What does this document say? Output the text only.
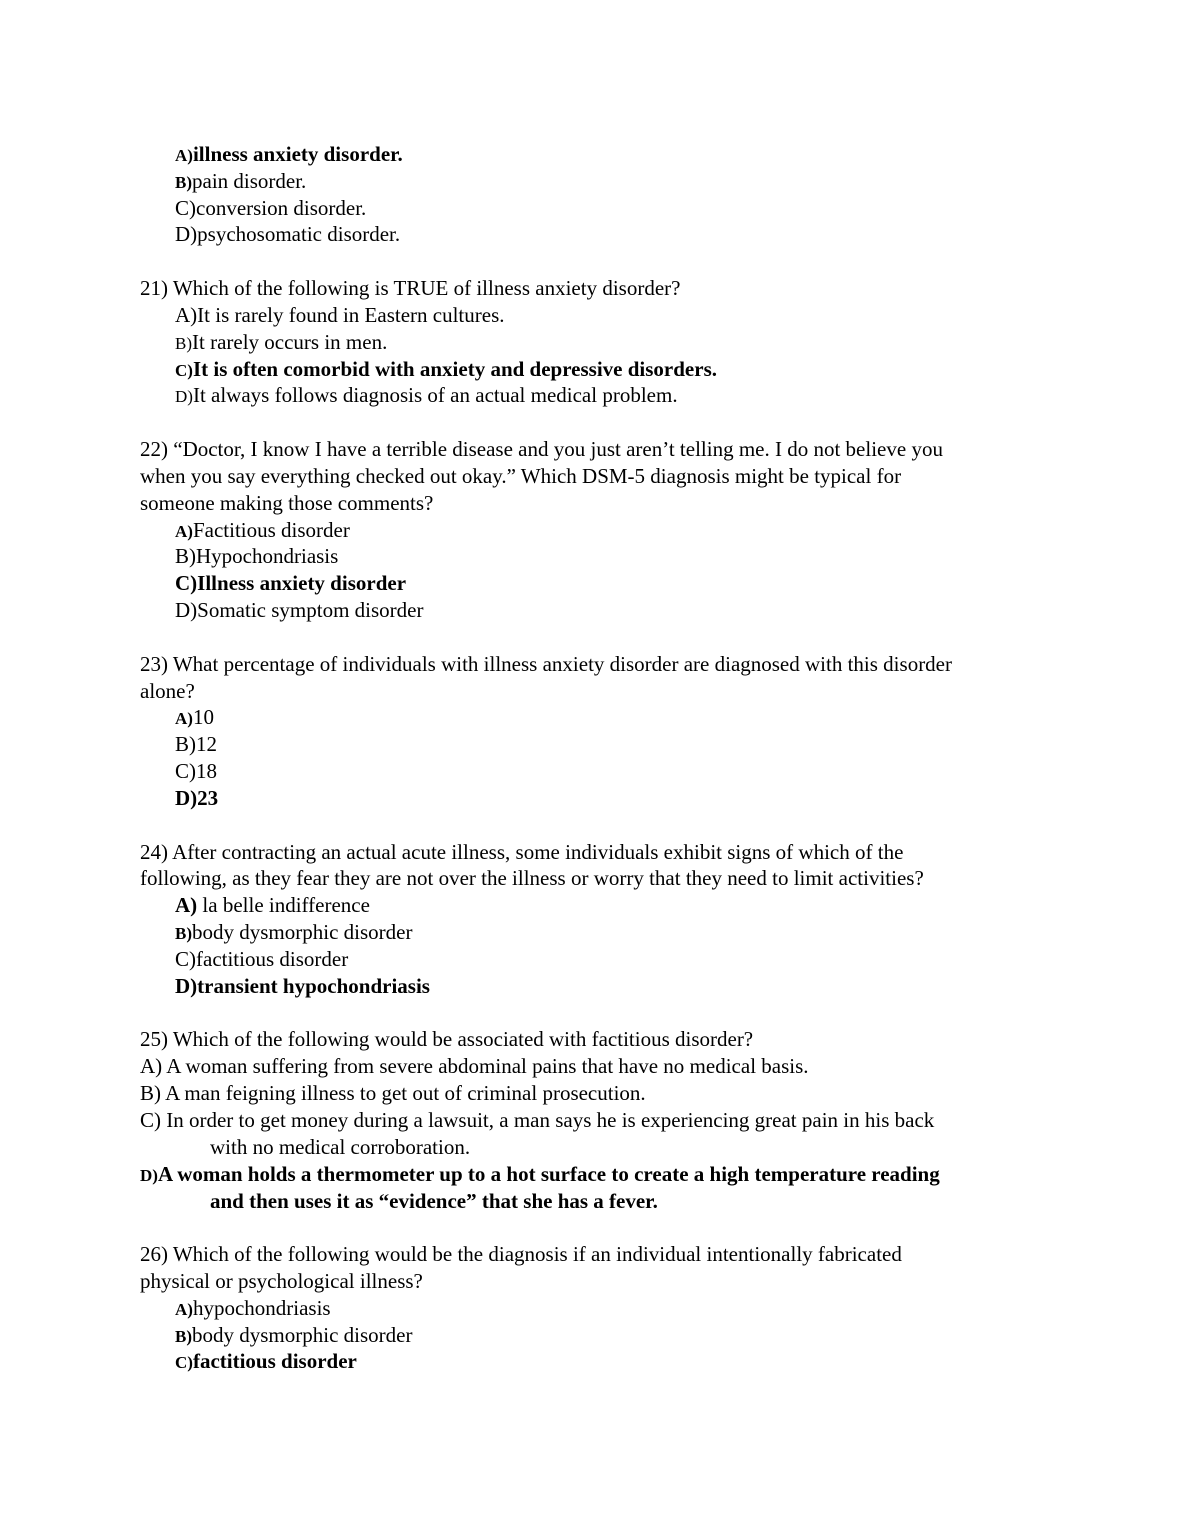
A)illness anxiety disorder.
B)pain disorder.
C)conversion disorder.
D)psychosomatic disorder.
21) Which of the following is TRUE of illness anxiety disorder?
A)It is rarely found in Eastern cultures.
B)It rarely occurs in men.
C)It is often comorbid with anxiety and depressive disorders.
D)It always follows diagnosis of an actual medical problem.
22) “Doctor, I know I have a terrible disease and you just aren’t telling me. I do not believe you
when you say everything checked out okay.” Which DSM-5 diagnosis might be typical for
someone making those comments?
A)Factitious disorder
B)Hypochondriasis
C)Illness anxiety disorder
D)Somatic symptom disorder
23) What percentage of individuals with illness anxiety disorder are diagnosed with this disorder
alone?
A)10
B)12
C)18
D)23
24) After contracting an actual acute illness, some individuals exhibit signs of which of the
following, as they fear they are not over the illness or worry that they need to limit activities?
A) la belle indifference
B)body dysmorphic disorder
C)factitious disorder
D)transient hypochondriasis
25) Which of the following would be associated with factitious disorder?
A) A woman suffering from severe abdominal pains that have no medical basis.
B) A man feigning illness to get out of criminal prosecution.
C) In order to get money during a lawsuit, a man says he is experiencing great pain in his back
with no medical corroboration.
D)A woman holds a thermometer up to a hot surface to create a high temperature reading
and then uses it as “evidence” that she has a fever.
26) Which of the following would be the diagnosis if an individual intentionally fabricated
physical or psychological illness?
A)hypochondriasis
B)body dysmorphic disorder
C)factitious disorder
